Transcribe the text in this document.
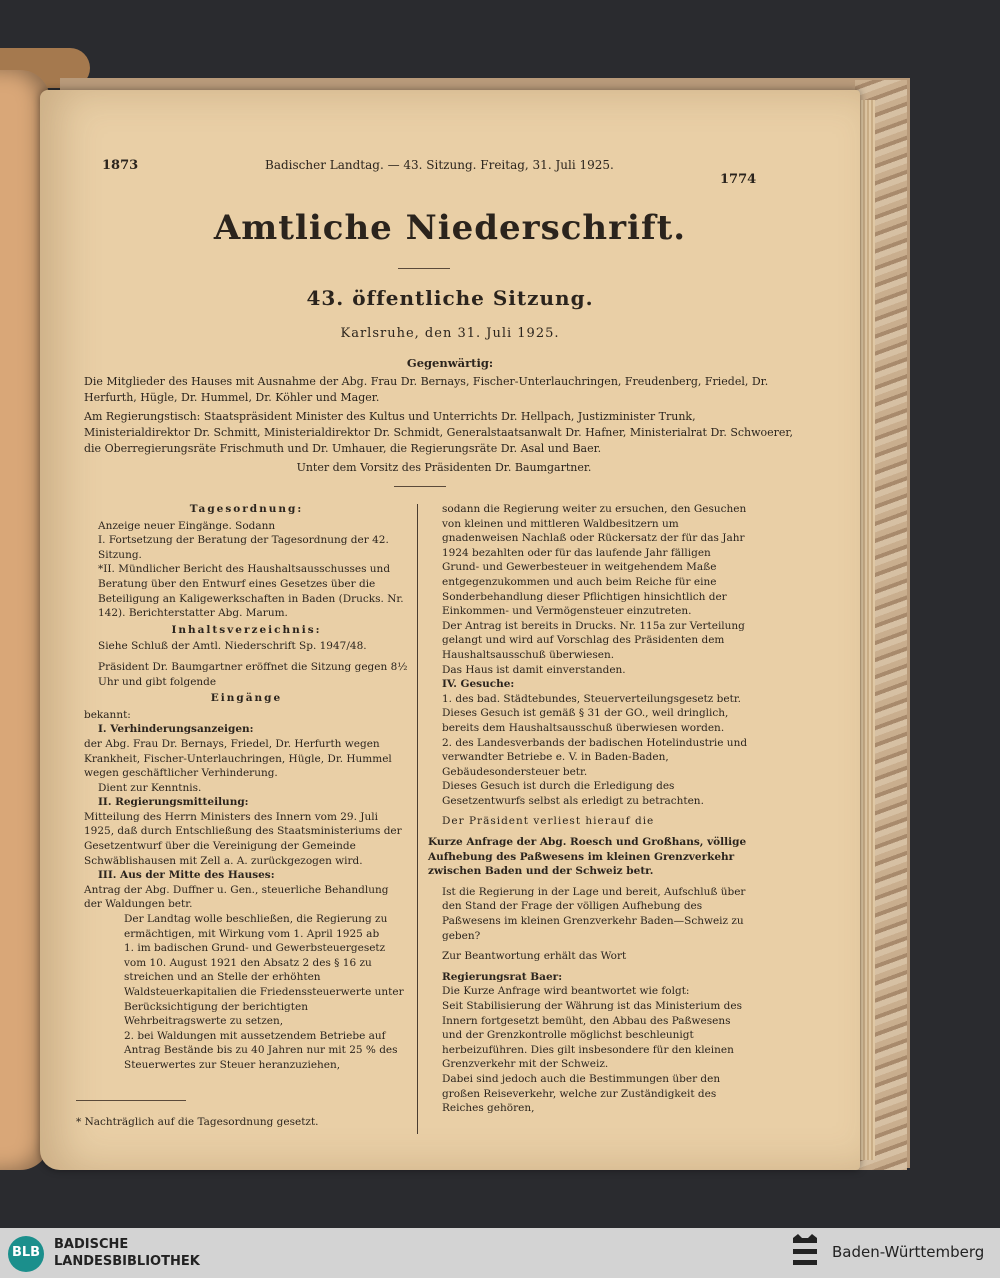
1873	Badischer Landtag. — 43. Sitzung. Freitag, 31. Juli 1925.
1774
Amtliche Niederschrift.
43. öffentliche Sitzung.
Karlsruhe, den 31. Juli 1925.
Gegenwärtig:

Die Mitglieder des Hauses mit Ausnahme der Abg. Frau Dr. Bernays, Fischer-Unterlauchringen, Freudenberg, Friedel, Dr. Herfurth, Hügle, Dr. Hummel, Dr. Köhler und Mager.

Am Regierungstisch: Staatspräsident Minister des Kultus und Unterrichts Dr. Hellpach, Justizminister Trunk, Ministerialdirektor Dr. Schmitt, Ministerialdirektor Dr. Schmidt, Generalstaatsanwalt Dr. Hafner, Ministerialrat Dr. Schwoerer, die Oberregierungsräte Frischmuth und Dr. Umhauer, die Regierungsräte Dr. Asal und Baer.

Unter dem Vorsitz des Präsidenten Dr. Baumgartner.

Tagesordnung:

Anzeige neuer Eingänge. Sodann

I. Fortsetzung der Beratung der Tagesordnung der 42. Sitzung.

*II. Mündlicher Bericht des Haushaltsausschusses und Beratung über den Entwurf eines Gesetzes über die Beteiligung an Kaligewerkschaften in Baden (Drucks. Nr. 142). Berichterstatter Abg. Marum.

Inhaltsverzeichnis:

Siehe Schluß der Amtl. Niederschrift Sp. 1947/48.

Präsident Dr. Baumgartner eröffnet die Sitzung gegen 8½ Uhr und gibt folgende

Eingänge

bekannt:

I. Verhinderungsanzeigen:

der Abg. Frau Dr. Bernays, Friedel, Dr. Herfurth wegen Krankheit, Fischer-Unterlauchringen, Hügle, Dr. Hummel wegen geschäftlicher Verhinderung.

Dient zur Kenntnis.

II. Regierungsmitteilung:

Mitteilung des Herrn Ministers des Innern vom 29. Juli 1925, daß durch Entschließung des Staatsministeriums der Gesetzentwurf über die Vereinigung der Gemeinde Schwäblishausen mit Zell a. A. zurückgezogen wird.

III. Aus der Mitte des Hauses:

Antrag der Abg. Duffner u. Gen., steuerliche Behandlung der Waldungen betr.

Der Landtag wolle beschließen, die Regierung zu ermächtigen, mit Wirkung vom 1. April 1925 ab

1. im badischen Grund- und Gewerbsteuergesetz vom 10. August 1921 den Absatz 2 des § 16 zu streichen und an Stelle der erhöhten Waldsteuerkapitalien die Friedenssteuerwerte unter Berücksichtigung der berichtigten Wehrbeitragswerte zu setzen,

2. bei Waldungen mit aussetzendem Betriebe auf Antrag Bestände bis zu 40 Jahren nur mit 25 % des Steuerwertes zur Steuer heranzuziehen,

* Nachträglich auf die Tagesordnung gesetzt.

sodann die Regierung weiter zu ersuchen, den Gesuchen von kleinen und mittleren Waldbesitzern um gnadenweisen Nachlaß oder Rückersatz der für das Jahr 1924 bezahlten oder für das laufende Jahr fälligen Grund- und Gewerbesteuer in weitgehendem Maße entgegenzukommen und auch beim Reiche für eine Sonderbehandlung dieser Pflichtigen hinsichtlich der Einkommen- und Vermögensteuer einzutreten.

Der Antrag ist bereits in Drucks. Nr. 115a zur Verteilung gelangt und wird auf Vorschlag des Präsidenten dem Haushaltsausschuß überwiesen.

Das Haus ist damit einverstanden.

IV. Gesuche:

1. des bad. Städtebundes, Steuerverteilungsgesetz betr.

Dieses Gesuch ist gemäß § 31 der GO., weil dringlich, bereits dem Haushaltsausschuß überwiesen worden.

2. des Landesverbands der badischen Hotelindustrie und verwandter Betriebe e. V. in Baden-Baden, Gebäudesondersteuer betr.

Dieses Gesuch ist durch die Erledigung des Gesetzentwurfs selbst als erledigt zu betrachten.

Der Präsident verliest hierauf die

Kurze Anfrage der Abg. Roesch und Großhans, völlige Aufhebung des Paßwesens im kleinen Grenzverkehr zwischen Baden und der Schweiz betr.

Ist die Regierung in der Lage und bereit, Aufschluß über den Stand der Frage der völligen Aufhebung des Paßwesens im kleinen Grenzverkehr Baden—Schweiz zu geben?

Zur Beantwortung erhält das Wort

Regierungsrat Baer:

Die Kurze Anfrage wird beantwortet wie folgt:

Seit Stabilisierung der Währung ist das Ministerium des Innern fortgesetzt bemüht, den Abbau des Paßwesens und der Grenzkontrolle möglichst beschleunigt herbeizuführen. Dies gilt insbesondere für den kleinen Grenzverkehr mit der Schweiz.

Dabei sind jedoch auch die Bestimmungen über den großen Reiseverkehr, welche zur Zuständigkeit des Reiches gehören,

BLB
BADISCHE
LANDESBIBLIOTHEK
Baden-Württemberg
